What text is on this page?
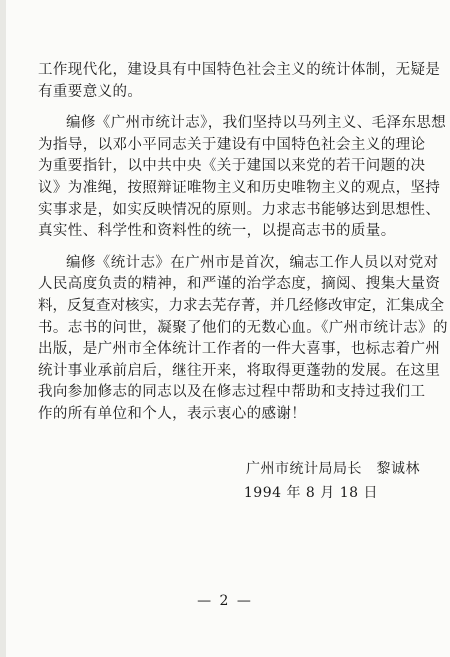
工作现代化，建设具有中国特色社会主义的统计体制，无疑是
有重要意义的。
编修《广州市统计志》，我们坚持以马列主义、毛泽东思想
为指导，以邓小平同志关于建设有中国特色社会主义的理论
为重要指针，以中共中央《关于建国以来党的若干问题的决
议》为准绳，按照辩证唯物主义和历史唯物主义的观点，坚持
实事求是，如实反映情况的原则。力求志书能够达到思想性、
真实性、科学性和资料性的统一，以提高志书的质量。
编修《统计志》在广州市是首次，编志工作人员以对党对
人民高度负责的精神，和严谨的治学态度，摘阅、搜集大量资
料，反复查对核实，力求去芜存菁，并几经修改审定，汇集成全
书。志书的问世，凝聚了他们的无数心血。《广州市统计志》的
出版，是广州市全体统计工作者的一件大喜事，也标志着广州
统计事业承前启后，继往开来，将取得更蓬勃的发展。在这里
我向参加修志的同志以及在修志过程中帮助和支持过我们工
作的所有单位和个人，表示衷心的感谢！
广州市统计局局长　黎诚林
1994 年 8 月 18 日
— 2 —
